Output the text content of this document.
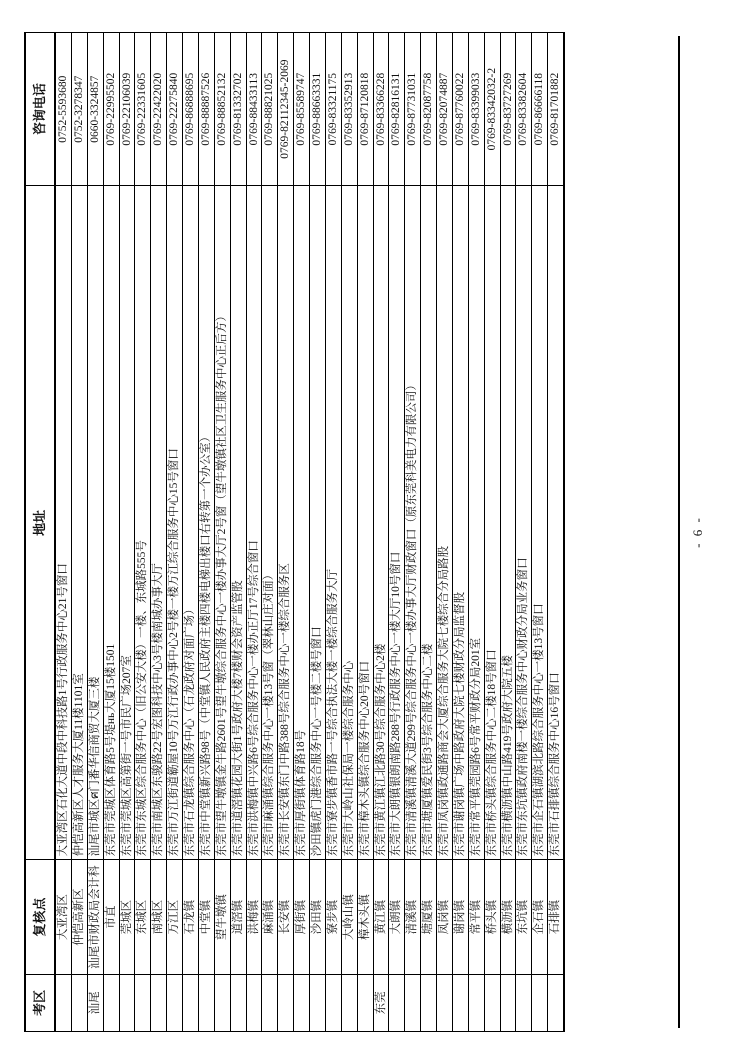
考区	复核点	地址	咨询电话
	大亚湾区	大亚湾区石化大道中段中科技路1号行政服务中心21号窗口	0752-5593680
	仲恺高新区	仲恺高新区人才服务大厦11楼1101室	0752-3278347
汕尾	汕尾市财政局会计科	汕尾市城区ศ门番华信商贸大厦三楼	0660-3324857
	市直	东莞市莞城区体育路5号堤нь大厦15楼1501	0769-22995502
	莞城区	东莞市莞城区高第街一号市民广场207室	0769-22106039
	东城区	东莞市东城区综合服务中心（旧公安大楼）一楼、东城路555号	0769-22331605
	南城区	东莞市南城区东骏路22号宏图科技中心3号楼南城办事大厅	0769-22422020
	万江区	东莞市万江街道簕屋10号万江行政办事中心2号楼一楼万江综合服务中心15号窗口	0769-22275840
	石龙镇	东莞市石龙镇综合服务中心（石龙政府对面广场）	0769-86888695
	中堂镇	东莞市中堂镇新兴路98号（中堂镇人民政府主楼四楼电梯出楼口右转第一个办公室）	0769-88887526
	望牛墩镇	东莞市望牛墩镇金牛路2601号望牛墩综合服务中心一楼办事大厅2号窗（望牛墩镇社区卫生服务中心正后方）	0769-88852132
	道滘镇	东莞市道滘镇花园大街1号政府大楼7楼财会资产监管股	0769-81332702
	洪梅镇	东莞市洪梅镇中兴路6号综合服务中心一楼办正厅17号综合窗口	0769-88433113
	麻涌镇	东莞市麻涌镇综合服务中心一楼13号窗（翠林山庄对面）	0769-88821025
	长安镇	东莞市长安镇东门中路388号综合服务中心一楼综合服务区	0769-82112345-2069
	厚街镇	东莞市厚街镇体育路18号	0769-85589747
	沙田镇	沙田镇虎门港综合服务中心一号楼二楼号窗口	0769-88663331
	寮步镇	东莞市寮步镇香市路一号综合执法大楼一楼综合服务大厅	0769-83321175
	大岭山镇	东莞市大岭山社保局一楼综合服务中心	0769-83352913
	樟木头镇	东莞市樟木头镇综合服务中心20号窗口	0769-87120818
东莞	黄江镇	东莞市黄江镇江北路30号综合服务中心2楼	0769-83366228
	大朗镇	东莞市大朗镇银朗南路288号行政服务中心一楼大厅10号窗口	0769-82816131
	清溪镇	东莞市清溪镇清溪大道299号综合服务中心一楼办事大厅财政窗口（原东莞科美电力有限公司）	0769-87731031
	塘厦镇	东莞市塘厦镇爱民街3号综合服务中心二楼	0769-82087758
	凤岗镇	东莞市凤岗镇政通路商会大厦综合服务大院七楼综合分局路股	0769-82074887
	谢岗镇	东莞市谢岗镇广场中路政府大院七楼财政分局监督股	0769-87760022
	常平镇	东莞市常平镇莞园路6号常平财政分局201室	0769-83399033
	桥头镇	东莞市桥头镇综合服务中心二楼18号窗口	0769-83342032-2
	横沥镇	东莞市横沥镇中山路419号政府大院五楼	0769-83727269
	东坑镇	东莞市东坑镇政府南楼一楼综合服务中心财政分局业务窗口	0769-83382604
	企石镇	东莞市企石镇湖滨北路综合服务中心一楼13号窗口	0769-86666118
	石排镇	东莞市石排镇综合服务中心16号窗口	0769-81701882
- 6 -
